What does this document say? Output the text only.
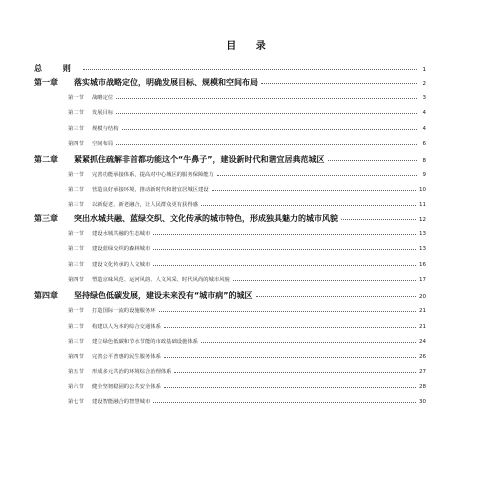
目 录
总 则	1
第一章	落实城市战略定位，明确发展目标、规模和空间布局	2
第一节	战略定位	3
第二节	发展目标	4
第三节	规模与结构	4
第四节	空间布局	6
第二章	紧紧抓住疏解非首都功能这个“牛鼻子”，建设新时代和谐宜居典范城区	8
第一节	完善功能承接体系，提高对中心城区的服务保障能力	9
第二节	营造良好承接环境，推动新时代和谐宜居城区建设	10
第三节	以新促老、新老融合，让人民群众更有获得感	11
第三章	突出水城共融、蓝绿交织、文化传承的城市特色，形成独具魅力的城市风貌	12
第一节	建设水城共融的生态城市	13
第二节	建设蓝绿交织的森林城市	13
第三节	建设文化传承的人文城市	16
第四节	塑造京味风范、运河风韵、人文风采、时代风尚的城市风貌	17
第四章	坚持绿色低碳发展，建设未来没有“城市病”的城区	20
第一节	打造国际一流的设施服务环	21
第二节	构建以人为本的综合交通体系	21
第三节	建立绿色低碳和节水节能的市政基础设施体系	24
第四节	完善公平普惠的民生服务体系	26
第五节	形成多元共治的环境综合治理体系	27
第六节	健全坚韧稳固的公共安全体系	28
第七节	建设智能融合的智慧城市	30
